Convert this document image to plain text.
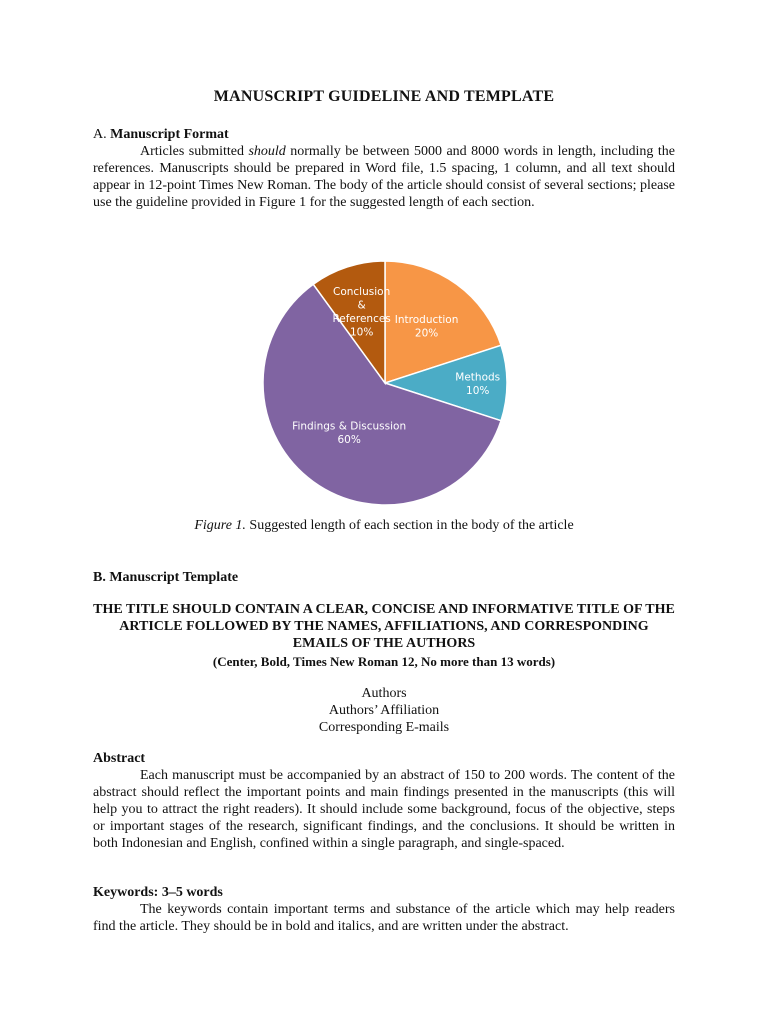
MANUSCRIPT GUIDELINE AND TEMPLATE
A. Manuscript Format

Articles submitted should normally be between 5000 and 8000 words in length, including the references. Manuscripts should be prepared in Word file, 1.5 spacing, 1 column, and all text should appear in 12-point Times New Roman. The body of the article should consist of several sections; please use the guideline provided in Figure 1 for the suggested length of each section.

Introduction 20%
Methods 10%
Findings & Discussion 60%
Conclusion & References 10%
Figure 1. Suggested length of each section in the body of the article
B. Manuscript Template
THE TITLE SHOULD CONTAIN A CLEAR, CONCISE AND INFORMATIVE TITLE OF THE ARTICLE FOLLOWED BY THE NAMES, AFFILIATIONS, AND CORRESPONDING EMAILS OF THE AUTHORS
(Center, Bold, Times New Roman 12, No more than 13 words)
Authors
Authors’ Affiliation
Corresponding E-mails
Abstract

Each manuscript must be accompanied by an abstract of 150 to 200 words. The content of the abstract should reflect the important points and main findings presented in the manuscripts (this will help you to attract the right readers). It should include some background, focus of the objective, steps or important stages of the research, significant findings, and the conclusions. It should be written in both Indonesian and English, confined within a single paragraph, and single-spaced.

Keywords: 3–5 words

The keywords contain important terms and substance of the article which may help readers find the article. They should be in bold and italics, and are written under the abstract.
